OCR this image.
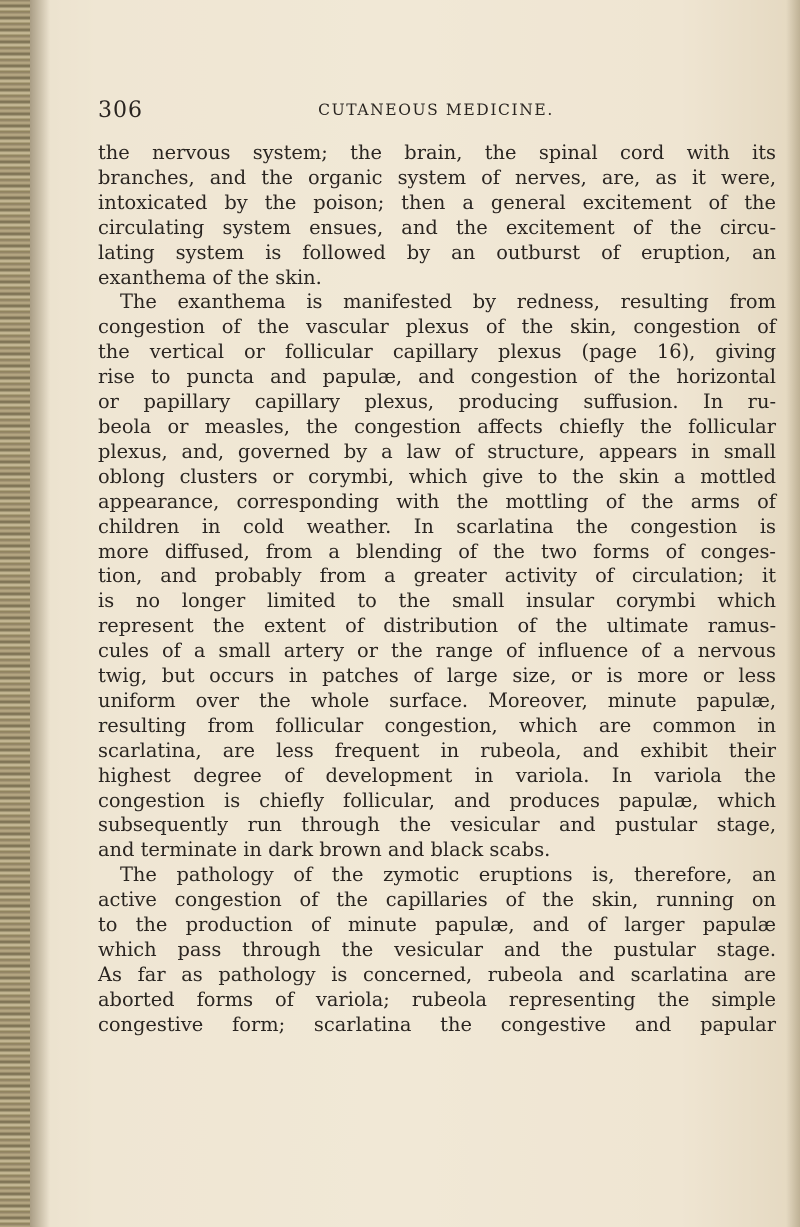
306	CUTANEOUS MEDICINE.
the nervous system; the brain, the spinal cord with its
branches, and the organic system of nerves, are, as it were,
intoxicated by the poison; then a general excitement of the
circulating system ensues, and the excitement of the circu-
lating system is followed by an outburst of eruption, an
exanthema of the skin.
The exanthema is manifested by redness, resulting from
congestion of the vascular plexus of the skin, congestion of
the vertical or follicular capillary plexus (page 16), giving
rise to puncta and papulæ, and congestion of the horizontal
or papillary capillary plexus, producing suffusion. In ru-
beola or measles, the congestion affects chiefly the follicular
plexus, and, governed by a law of structure, appears in small
oblong clusters or corymbi, which give to the skin a mottled
appearance, corresponding with the mottling of the arms of
children in cold weather. In scarlatina the congestion is
more diffused, from a blending of the two forms of conges-
tion, and probably from a greater activity of circulation; it
is no longer limited to the small insular corymbi which
represent the extent of distribution of the ultimate ramus-
cules of a small artery or the range of influence of a nervous
twig, but occurs in patches of large size, or is more or less
uniform over the whole surface. Moreover, minute papulæ,
resulting from follicular congestion, which are common in
scarlatina, are less frequent in rubeola, and exhibit their
highest degree of development in variola. In variola the
congestion is chiefly follicular, and produces papulæ, which
subsequently run through the vesicular and pustular stage,
and terminate in dark brown and black scabs.
The pathology of the zymotic eruptions is, therefore, an
active congestion of the capillaries of the skin, running on
to the production of minute papulæ, and of larger papulæ
which pass through the vesicular and the pustular stage.
As far as pathology is concerned, rubeola and scarlatina are
aborted forms of variola; rubeola representing the simple
congestive form; scarlatina the congestive and papular
